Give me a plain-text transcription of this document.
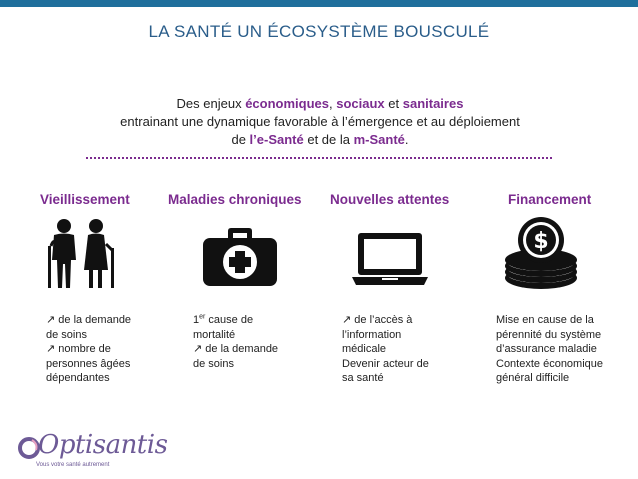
LA SANTÉ UN ÉCOSYSTÈME BOUSCULÉ
Des enjeux économiques, sociaux et sanitaires
entrainant une dynamique favorable à l’émergence et au déploiement
de l’e-Santé et de la m-Santé.
Vieillissement	Maladies chroniques Nouvelles attentes	Financement
$
↗ de la demande
de soins
↗ nombre de
personnes âgées
dépendantes
1er cause de
mortalité
↗ de la demande
de soins
↗ de l’accès à
l’information
médicale
Devenir acteur de
sa santé
Mise en cause de la
pérennité du système
d’assurance maladie
Contexte économique
général difficile
Optisantis
Vous votre santé autrement
